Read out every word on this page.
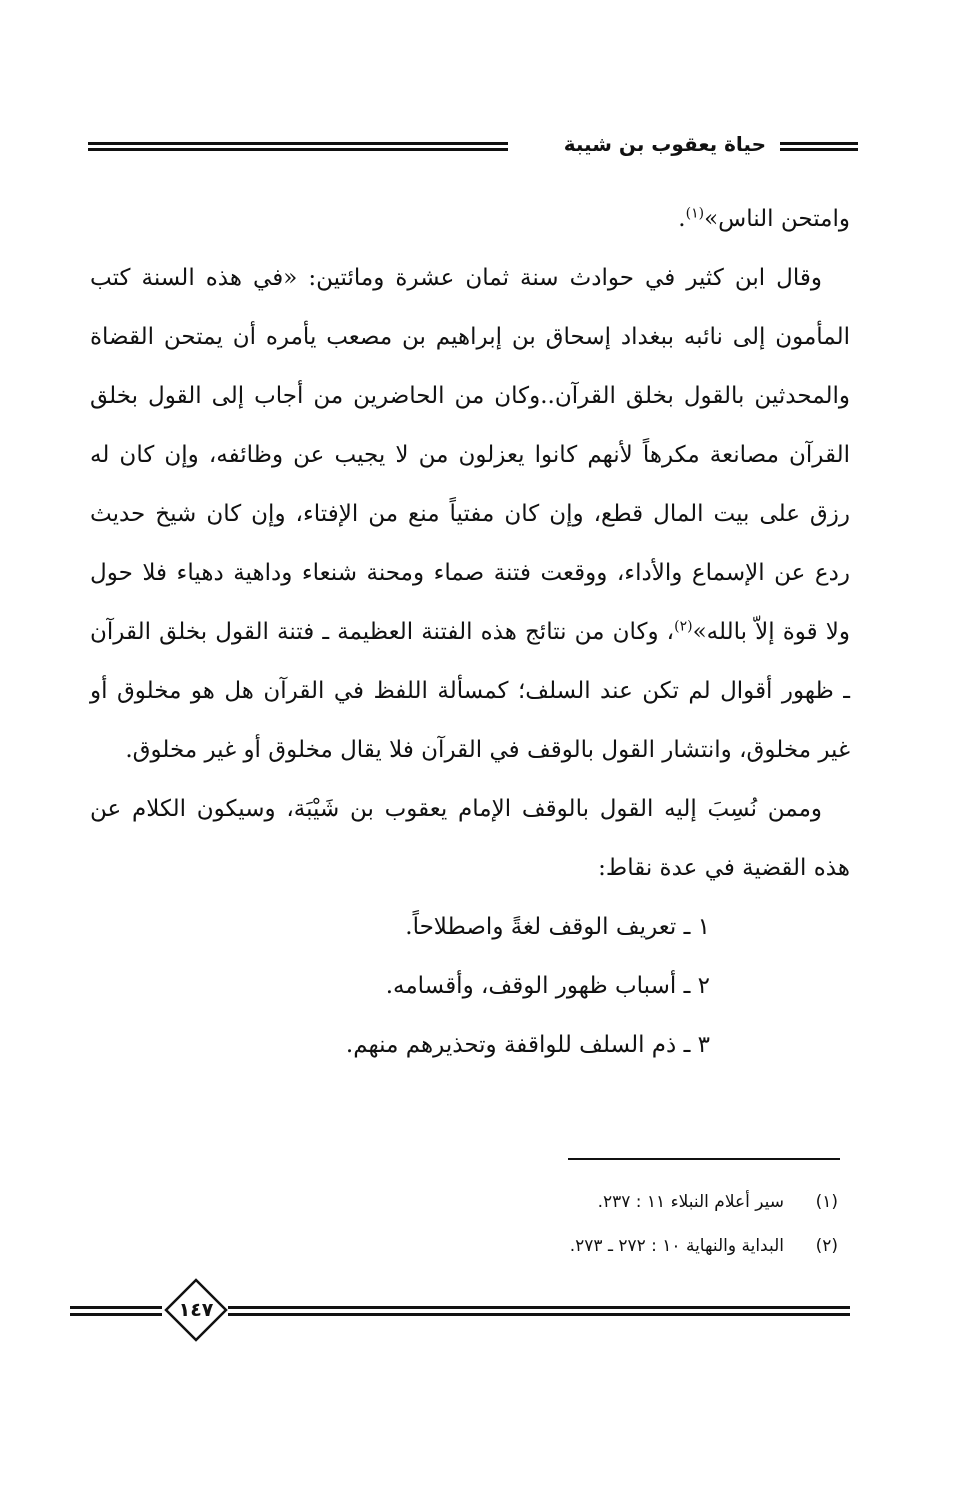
حياة يعقوب بن شيبة

وامتحن الناس»$^{(١)}$.

وقال ابن كثير في حوادث سنة ثمان عشرة ومائتين: «في هذه السنة كتب المأمون إلى نائبه ببغداد إسحاق بن إبراهيم بن مصعب يأمره أن يمتحن القضاة والمحدثين بالقول بخلق القرآن..وكان من الحاضرين من أجاب إلى القول بخلق القرآن مصانعة مكرهاً لأنهم كانوا يعزلون من لا يجيب عن وظائفه، وإن كان له رزق على بيت المال قطع، وإن كان مفتياً منع من الإفتاء، وإن كان شيخ حديث ردع عن الإسماع والأداء، ووقعت فتنة صماء ومحنة شنعاء وداهية دهياء فلا حول ولا قوة إلاّ بالله»$^{(٢)}$، وكان من نتائج هذه الفتنة العظيمة ـ فتنة القول بخلق القرآن ـ ظهور أقوال لم تكن عند السلف؛ كمسألة اللفظ في القرآن هل هو مخلوق أو غير مخلوق، وانتشار القول بالوقف في القرآن فلا يقال مخلوق أو غير مخلوق.

وممن نُسِبَ إليه القول بالوقف الإمام يعقوب بن شَيْبَة، وسيكون الكلام عن هذه القضية في عدة نقاط:

١ ـ تعريف الوقف لغةً واصطلاحاً.

٢ ـ أسباب ظهور الوقف، وأقسامه.

٣ ـ ذم السلف للواقفة وتحذيرهم منهم.

(١)سير أعلام النبلاء ١١ : ٢٣٧.
(٢)البداية والنهاية ١٠ : ٢٧٢ ـ ٢٧٣.
١٤٧
